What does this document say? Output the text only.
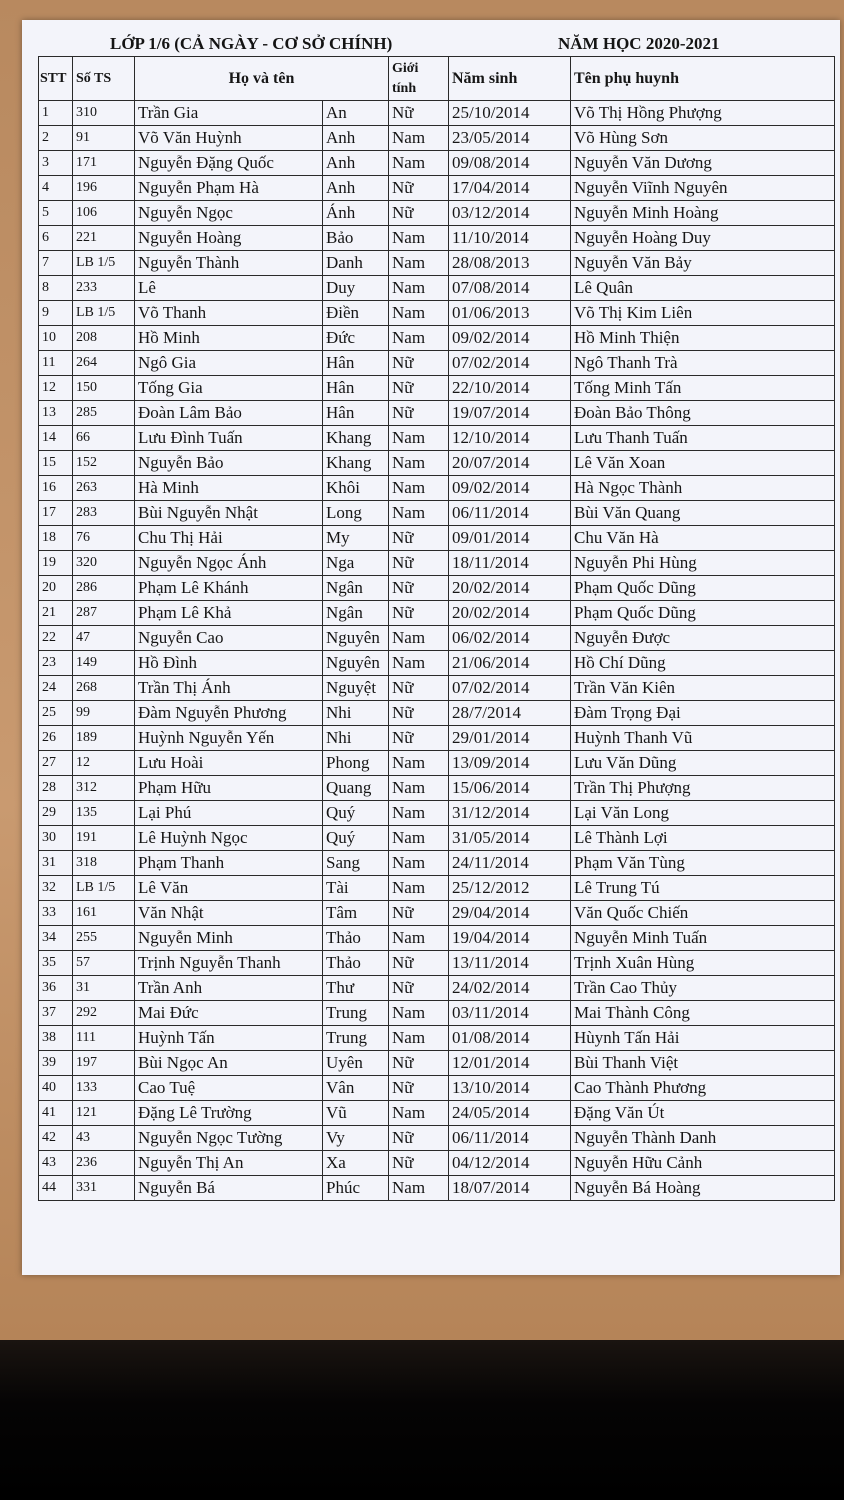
LỚP 1/6 (CẢ NGÀY - CƠ SỞ CHÍNH)	NĂM HỌC 2020-2021
STT	Số TS	Họ và tên		Giới tính	Năm sinh	Tên phụ huynh
1	310	Trần Gia	An	Nữ	25/10/2014	Võ Thị Hồng Phượng
2	91	Võ Văn Huỳnh	Anh	Nam	23/05/2014	Võ Hùng Sơn
3	171	Nguyễn Đặng Quốc	Anh	Nam	09/08/2014	Nguyễn Văn Dương
4	196	Nguyễn Phạm Hà	Anh	Nữ	17/04/2014	Nguyễn Viĩnh Nguyên
5	106	Nguyễn Ngọc	Ánh	Nữ	03/12/2014	Nguyễn Minh Hoàng
6	221	Nguyễn Hoàng	Bảo	Nam	11/10/2014	Nguyễn Hoàng Duy
7	LB 1/5	Nguyễn Thành	Danh	Nam	28/08/2013	Nguyễn Văn Bảy
8	233	Lê	Duy	Nam	07/08/2014	Lê Quân
9	LB 1/5	Võ Thanh	Điền	Nam	01/06/2013	Võ Thị Kim Liên
10	208	Hồ Minh	Đức	Nam	09/02/2014	Hồ Minh Thiện
11	264	Ngô Gia	Hân	Nữ	07/02/2014	Ngô Thanh Trà
12	150	Tống Gia	Hân	Nữ	22/10/2014	Tống Minh Tấn
13	285	Đoàn Lâm Bảo	Hân	Nữ	19/07/2014	Đoàn Bảo Thông
14	66	Lưu Đình Tuấn	Khang	Nam	12/10/2014	Lưu Thanh Tuấn
15	152	Nguyễn Bảo	Khang	Nam	20/07/2014	Lê Văn Xoan
16	263	Hà Minh	Khôi	Nam	09/02/2014	Hà Ngọc Thành
17	283	Bùi Nguyễn Nhật	Long	Nam	06/11/2014	Bùi Văn Quang
18	76	Chu Thị Hải	My	Nữ	09/01/2014	Chu Văn Hà
19	320	Nguyễn Ngọc Ánh	Nga	Nữ	18/11/2014	Nguyễn Phi Hùng
20	286	Phạm Lê Khánh	Ngân	Nữ	20/02/2014	Phạm Quốc Dũng
21	287	Phạm Lê Khả	Ngân	Nữ	20/02/2014	Phạm Quốc Dũng
22	47	Nguyễn Cao	Nguyên	Nam	06/02/2014	Nguyễn Được
23	149	Hồ Đình	Nguyên	Nam	21/06/2014	Hồ Chí Dũng
24	268	Trần Thị Ánh	Nguyệt	Nữ	07/02/2014	Trần Văn Kiên
25	99	Đàm Nguyễn Phương	Nhi	Nữ	28/7/2014	Đàm Trọng Đại
26	189	Huỳnh Nguyễn Yến	Nhi	Nữ	29/01/2014	Huỳnh Thanh Vũ
27	12	Lưu Hoài	Phong	Nam	13/09/2014	Lưu Văn Dũng
28	312	Phạm Hữu	Quang	Nam	15/06/2014	Trần Thị Phượng
29	135	Lại Phú	Quý	Nam	31/12/2014	Lại Văn Long
30	191	Lê Huỳnh Ngọc	Quý	Nam	31/05/2014	Lê Thành Lợi
31	318	Phạm Thanh	Sang	Nam	24/11/2014	Phạm Văn Tùng
32	LB 1/5	Lê Văn	Tài	Nam	25/12/2012	Lê Trung Tú
33	161	Văn Nhật	Tâm	Nữ	29/04/2014	Văn Quốc Chiến
34	255	Nguyễn Minh	Thảo	Nam	19/04/2014	Nguyễn Minh Tuấn
35	57	Trịnh Nguyễn Thanh	Thảo	Nữ	13/11/2014	Trịnh Xuân Hùng
36	31	Trần Anh	Thư	Nữ	24/02/2014	Trần Cao Thủy
37	292	Mai Đức	Trung	Nam	03/11/2014	Mai Thành Công
38	111	Huỳnh Tấn	Trung	Nam	01/08/2014	Hùynh Tấn Hải
39	197	Bùi Ngọc An	Uyên	Nữ	12/01/2014	Bùi Thanh Việt
40	133	Cao Tuệ	Vân	Nữ	13/10/2014	Cao Thành Phương
41	121	Đặng Lê Trường	Vũ	Nam	24/05/2014	Đặng Văn Út
42	43	Nguyễn Ngọc Tường	Vy	Nữ	06/11/2014	Nguyễn Thành Danh
43	236	Nguyễn Thị An	Xa	Nữ	04/12/2014	Nguyễn Hữu Cảnh
44	331	Nguyễn Bá	Phúc	Nam	18/07/2014	Nguyễn Bá Hoàng
